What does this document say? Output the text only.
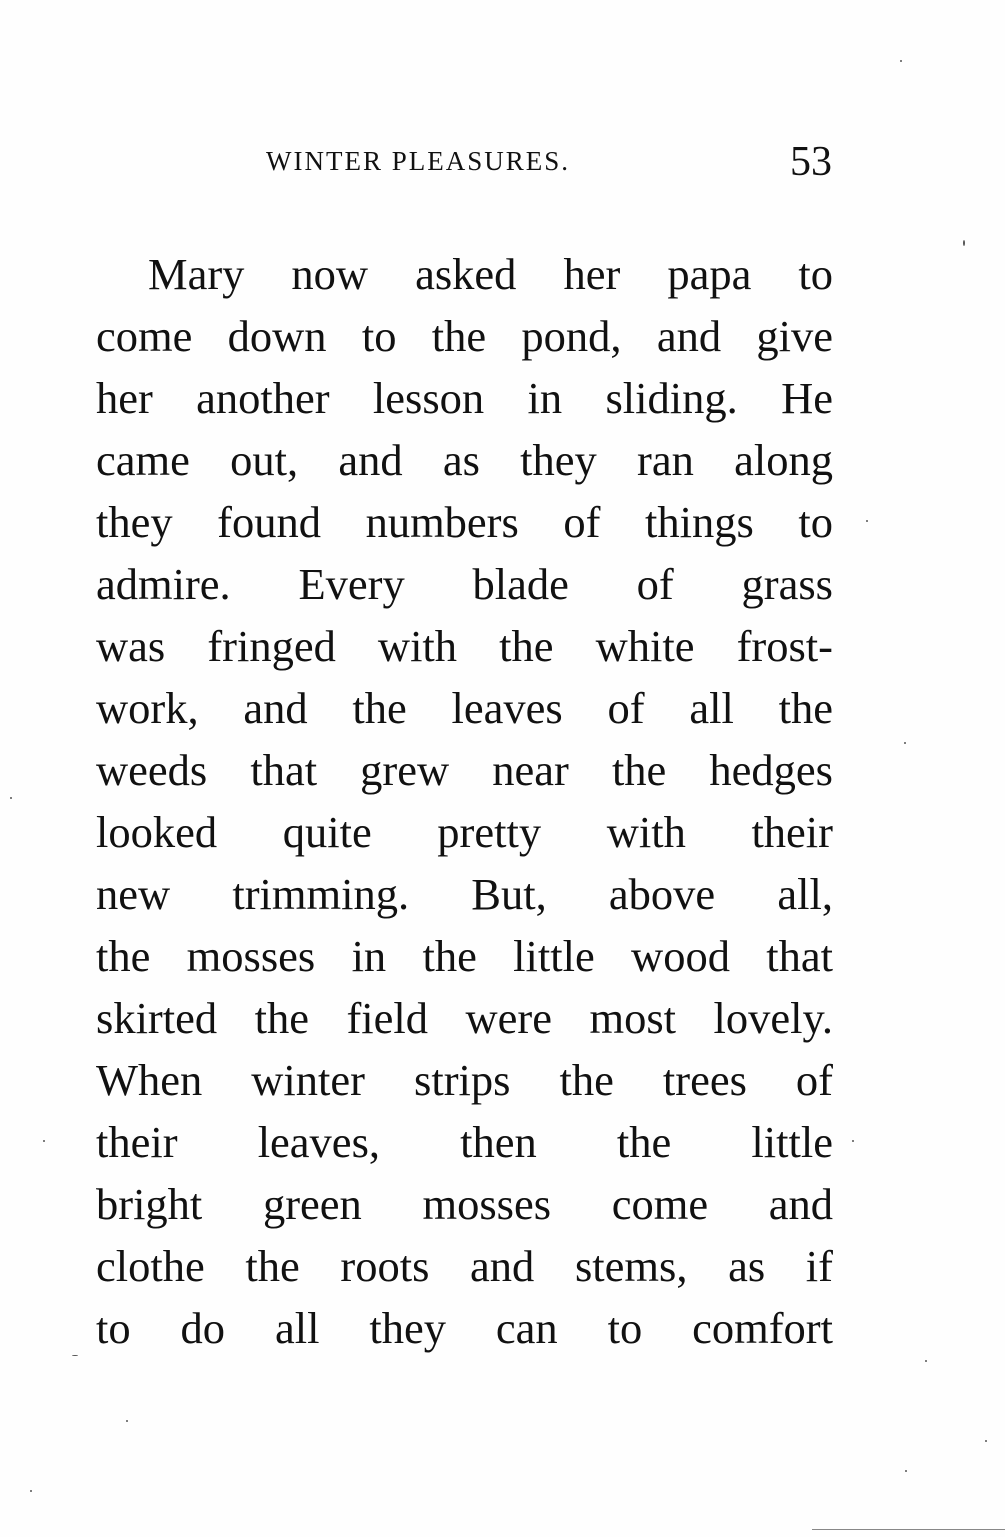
WINTER PLEASURES.	53
Mary now asked her papa to
come down to the pond, and give
her another lesson in sliding. He
came out, and as they ran along
they found numbers of things to
admire. Every blade of grass
was fringed with the white frost-
work, and the leaves of all the
weeds that grew near the hedges
looked quite pretty with their
new trimming. But, above all,
the mosses in the little wood that
skirted the field were most lovely.
When winter strips the trees of
their leaves, then the little
bright green mosses come and
clothe the roots and stems, as if
to do all they can to comfort
